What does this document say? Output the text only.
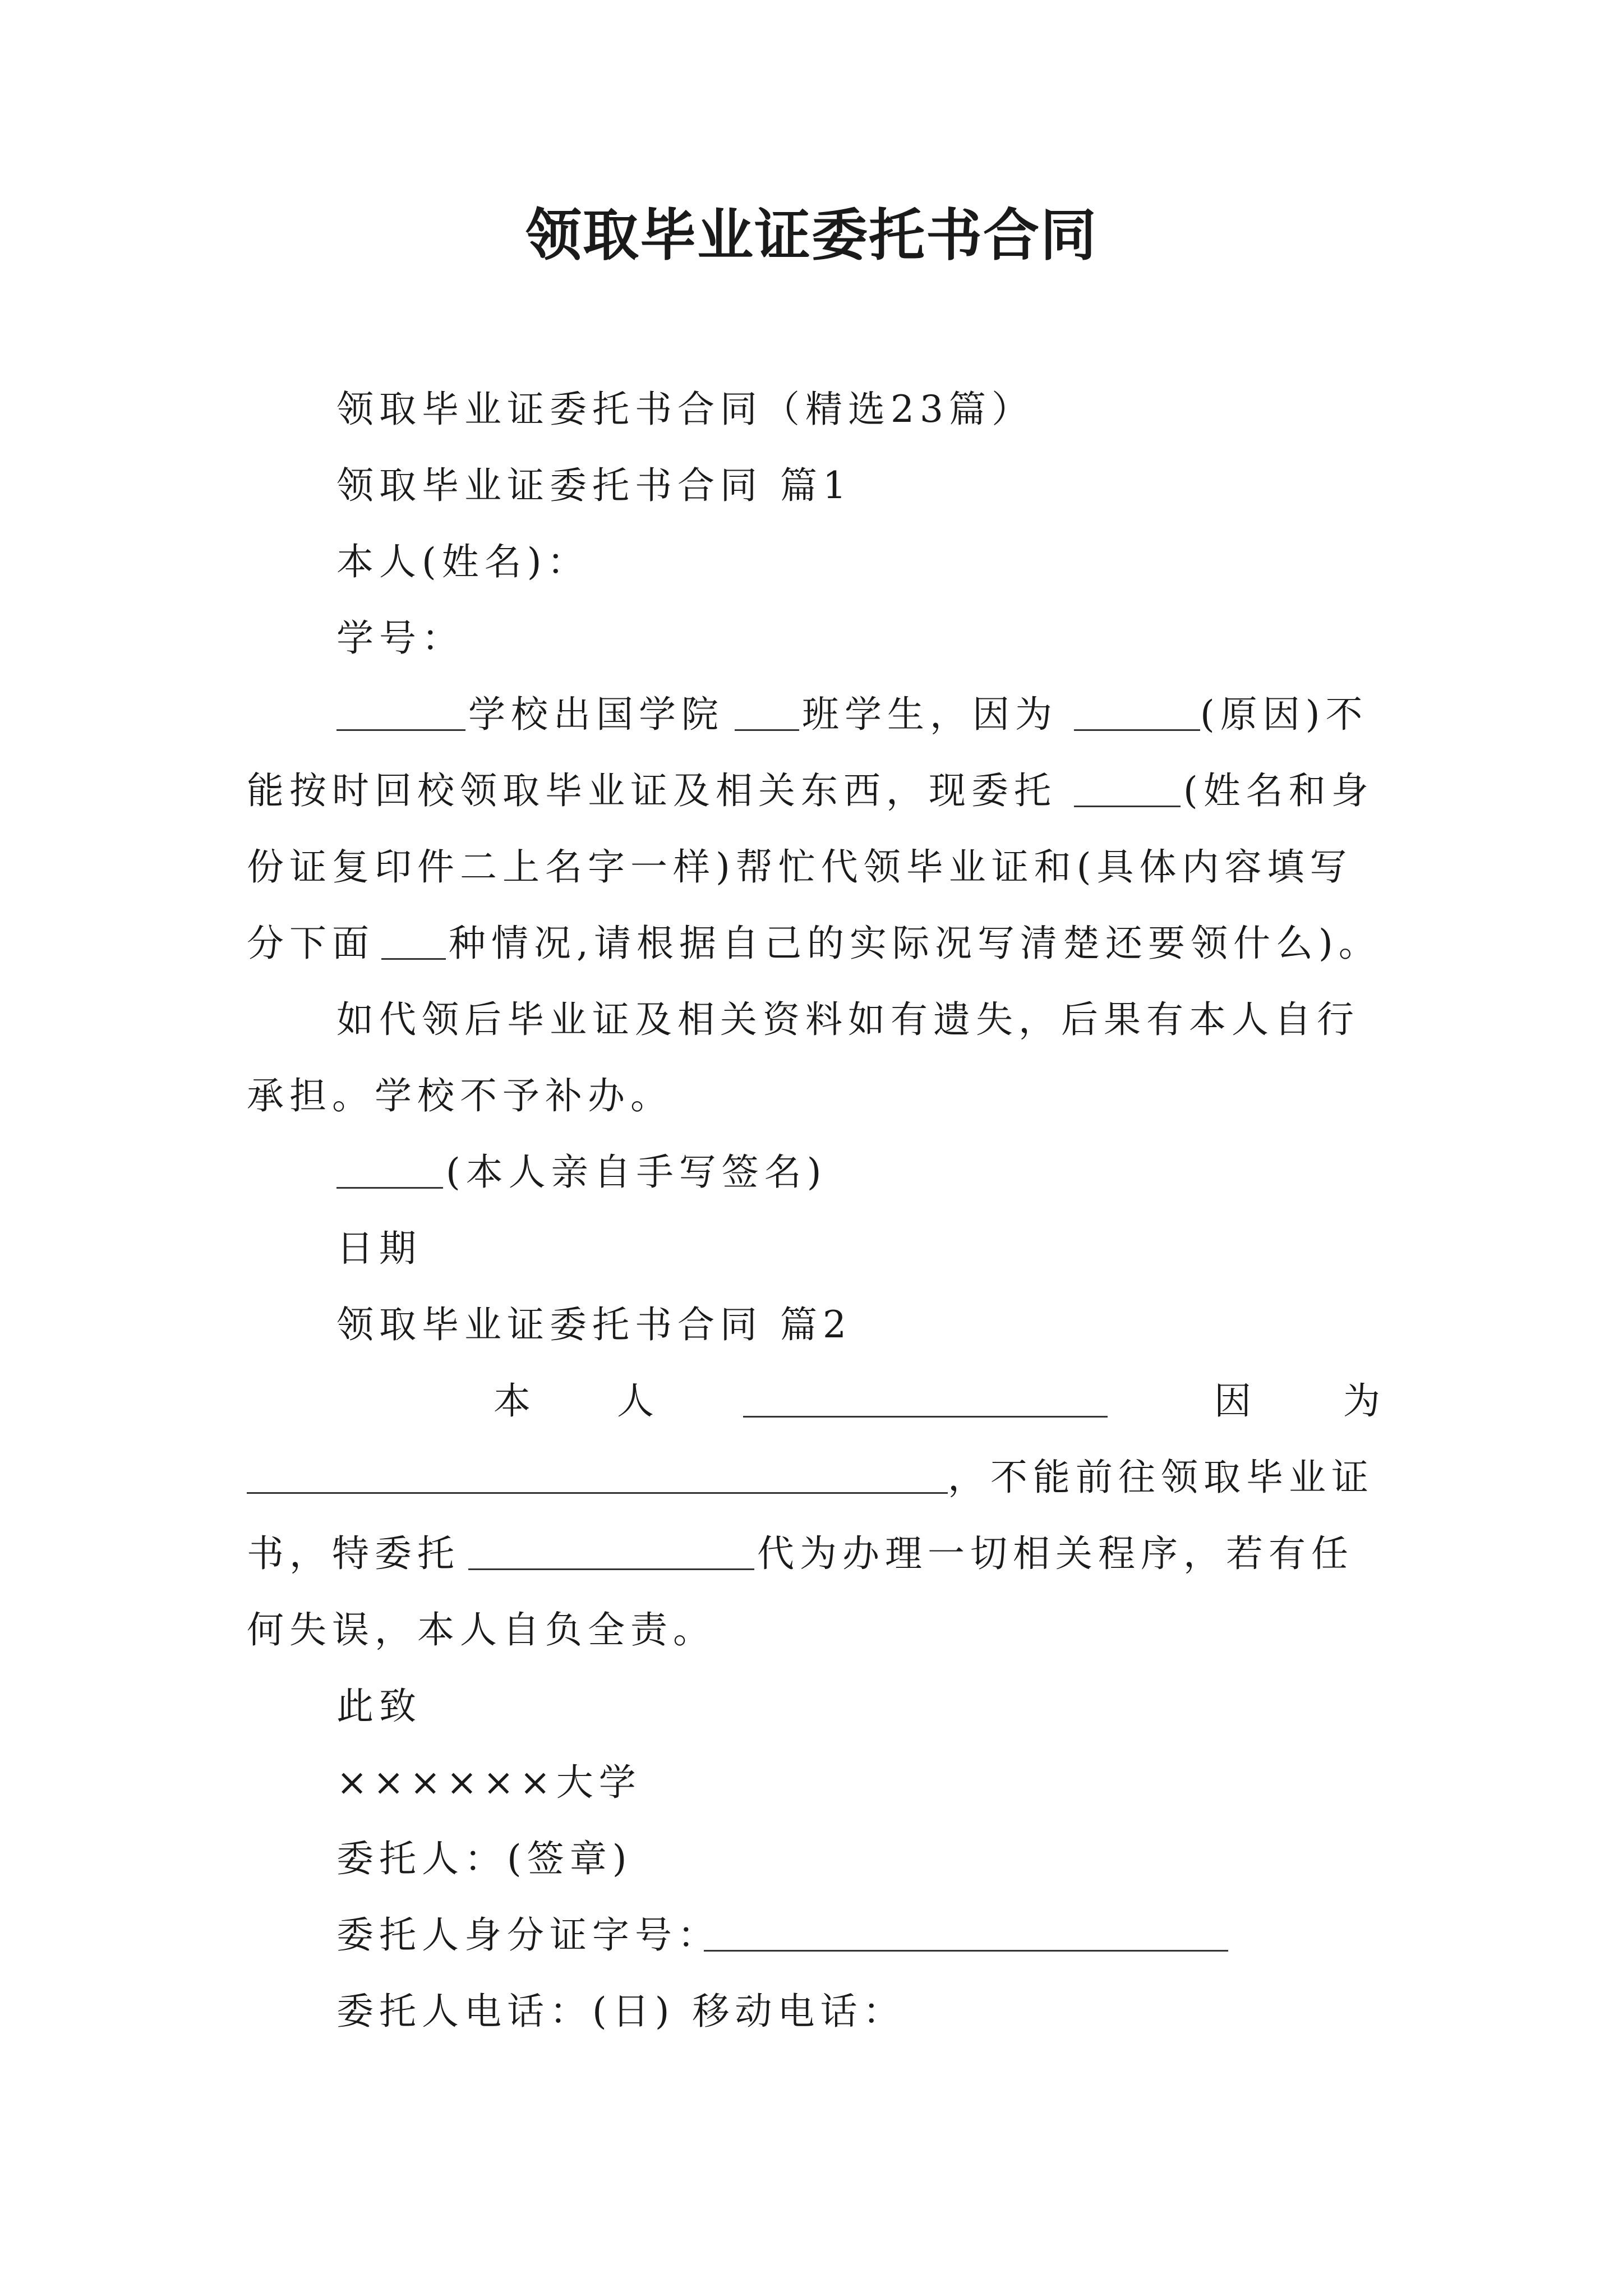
领取毕业证委托书合同
领取毕业证委托书合同（精选23篇）
领取毕业证委托书合同 篇1
本人(姓名)：
学号：
学校出国学院 班学生，因为	(原因)不
能按时回校领取毕业证及相关东西，现委托	(姓名和身
份证复印件二上名字一样)帮忙代领毕业证和(具体内容填写
分下面 种情况,请根据自己的实际况写清楚还要领什么)。
如代领后毕业证及相关资料如有遗失，后果有本人自行
承担。学校不予补办。
(本人亲自手写签名)
日期
领取毕业证委托书合同 篇2
本 人	因 为
，不能前往领取毕业证
书，特委托	代为办理一切相关程序，若有任
何失误，本人自负全责。
此致
××××××大学
委托人：(签章)
委托人身分证字号：
委托人电话：(日) 移动电话：
